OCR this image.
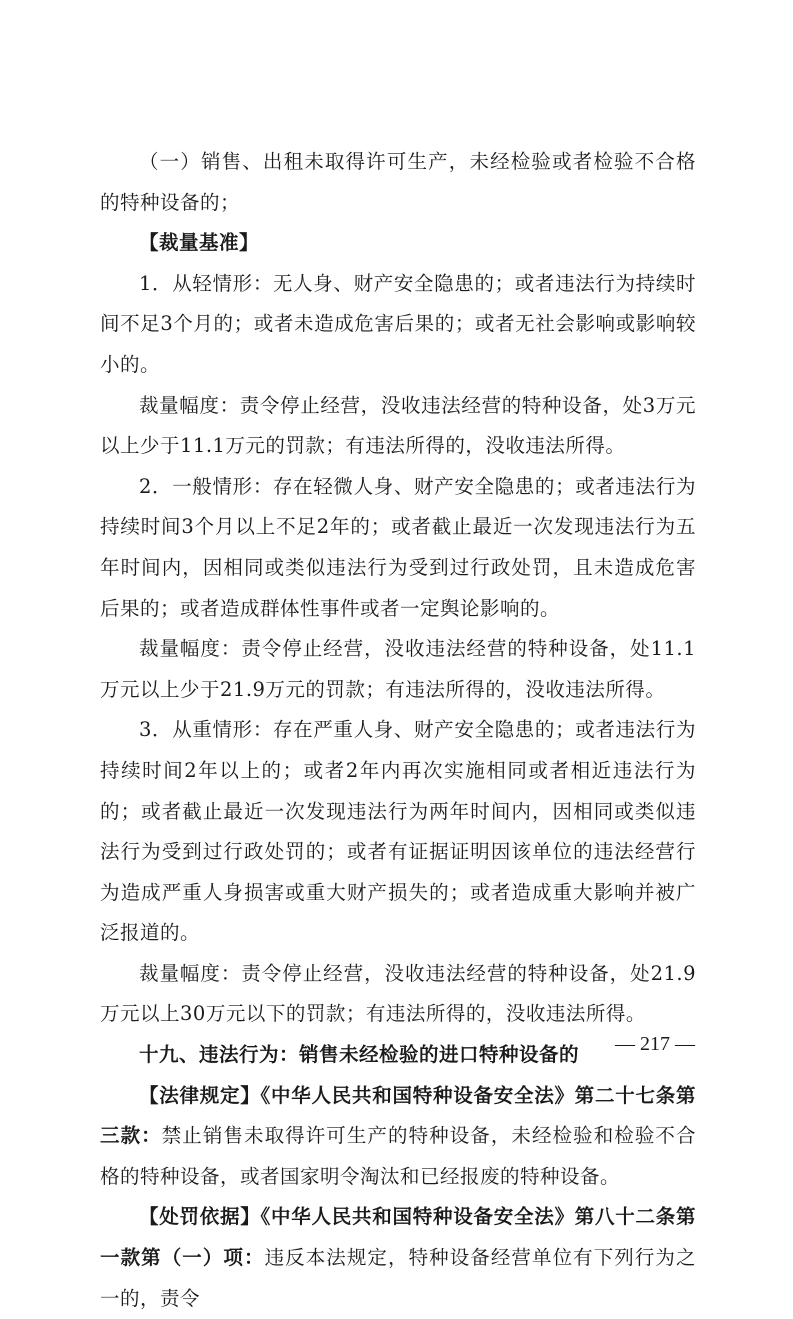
（一）销售、出租未取得许可生产，未经检验或者检验不合格的特种设备的；

【裁量基准】

1．从轻情形：无人身、财产安全隐患的；或者违法行为持续时间不足3个月的；或者未造成危害后果的；或者无社会影响或影响较小的。

裁量幅度：责令停止经营，没收违法经营的特种设备，处3万元以上少于11.1万元的罚款；有违法所得的，没收违法所得。

2．一般情形：存在轻微人身、财产安全隐患的；或者违法行为持续时间3个月以上不足2年的；或者截止最近一次发现违法行为五年时间内，因相同或类似违法行为受到过行政处罚，且未造成危害后果的；或者造成群体性事件或者一定舆论影响的。

裁量幅度：责令停止经营，没收违法经营的特种设备，处11.1万元以上少于21.9万元的罚款；有违法所得的，没收违法所得。

3．从重情形：存在严重人身、财产安全隐患的；或者违法行为持续时间2年以上的；或者2年内再次实施相同或者相近违法行为的；或者截止最近一次发现违法行为两年时间内，因相同或类似违法行为受到过行政处罚的；或者有证据证明因该单位的违法经营行为造成严重人身损害或重大财产损失的；或者造成重大影响并被广泛报道的。

裁量幅度：责令停止经营，没收违法经营的特种设备，处21.9万元以上30万元以下的罚款；有违法所得的，没收违法所得。

十九、违法行为：销售未经检验的进口特种设备的

【法律规定】《中华人民共和国特种设备安全法》第二十七条第三款：禁止销售未取得许可生产的特种设备，未经检验和检验不合格的特种设备，或者国家明令淘汰和已经报废的特种设备。

【处罚依据】《中华人民共和国特种设备安全法》第八十二条第一款第（一）项：违反本法规定，特种设备经营单位有下列行为之一的，责令

— 217 —
